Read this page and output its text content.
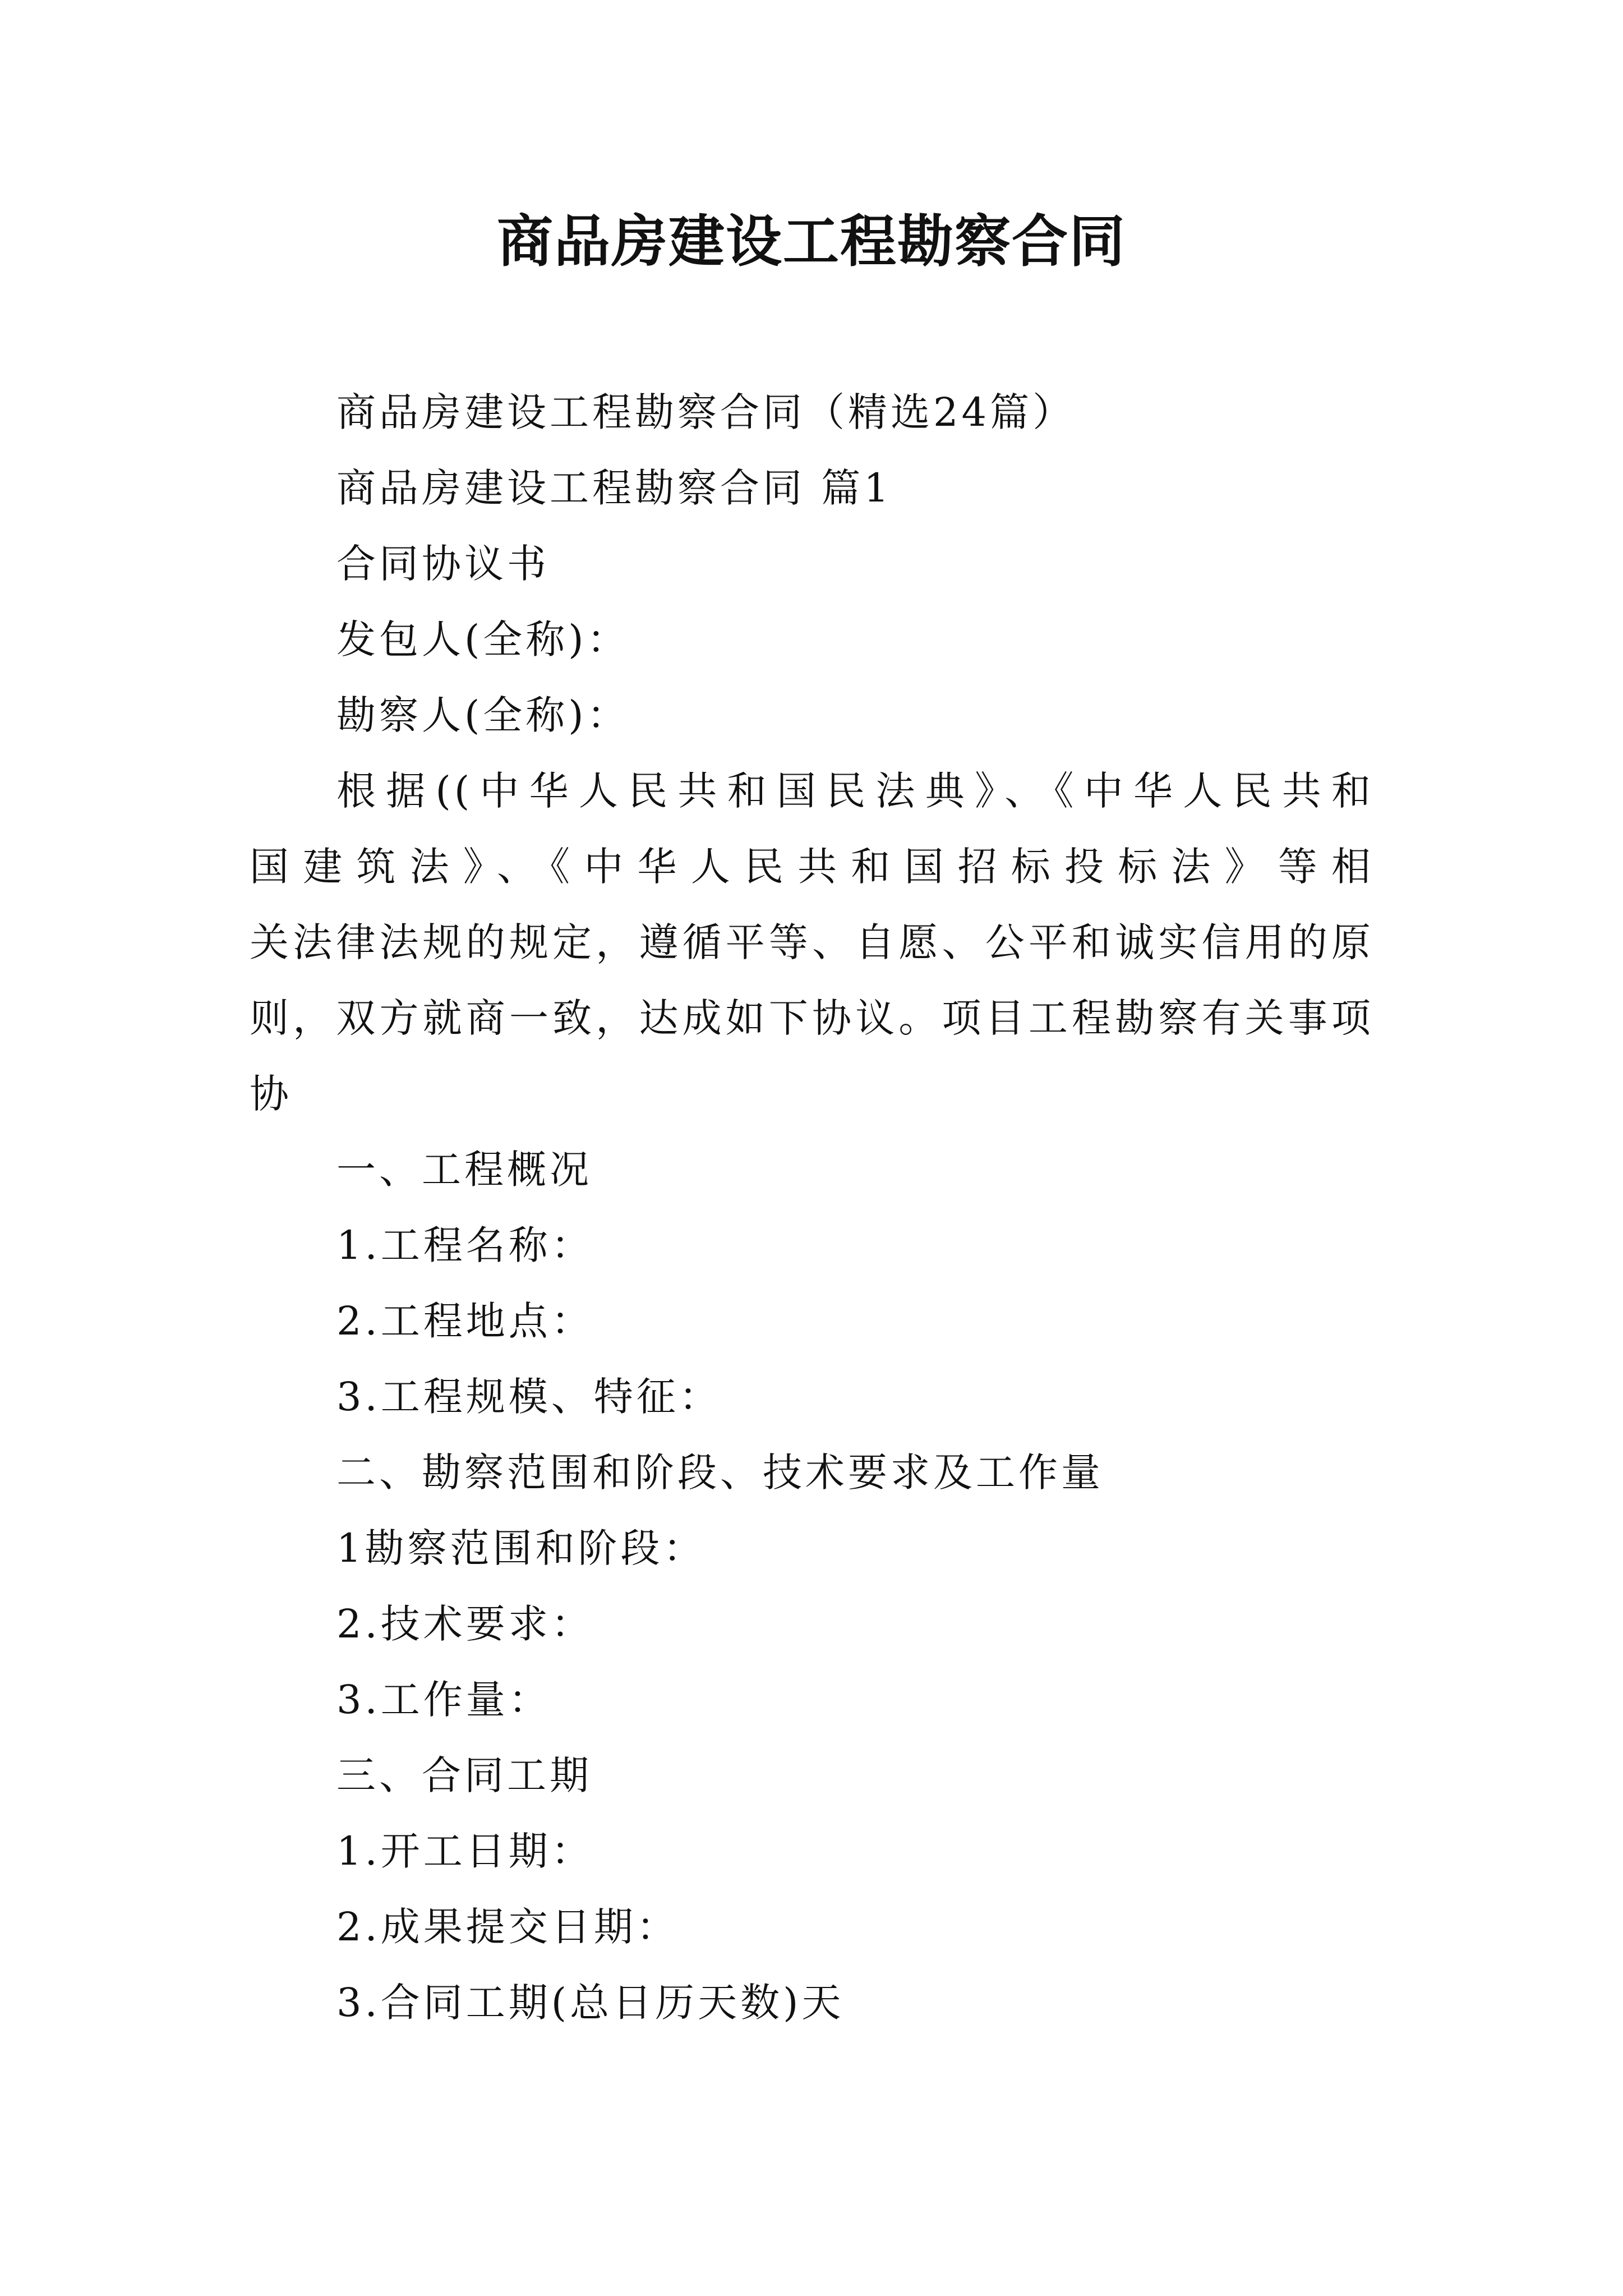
商品房建设工程勘察合同
商品房建设工程勘察合同（精选24篇）
商品房建设工程勘察合同 篇1
合同协议书
发包人(全称)：
勘察人(全称)：
根据((中华人民共和国民法典》、《中华人民共和
国建筑法》、《中华人民共和国招标投标法》等相
关法律法规的规定，遵循平等、自愿、公平和诚实信用的原
则，双方就商一致，达成如下协议。项目工程勘察有关事项
协
一、工程概况
1.工程名称：
2.工程地点：
3.工程规模、特征：
二、勘察范围和阶段、技术要求及工作量
1勘察范围和阶段：
2.技术要求：
3.工作量：
三、合同工期
1.开工日期：
2.成果提交日期：
3.合同工期(总日历天数)天
